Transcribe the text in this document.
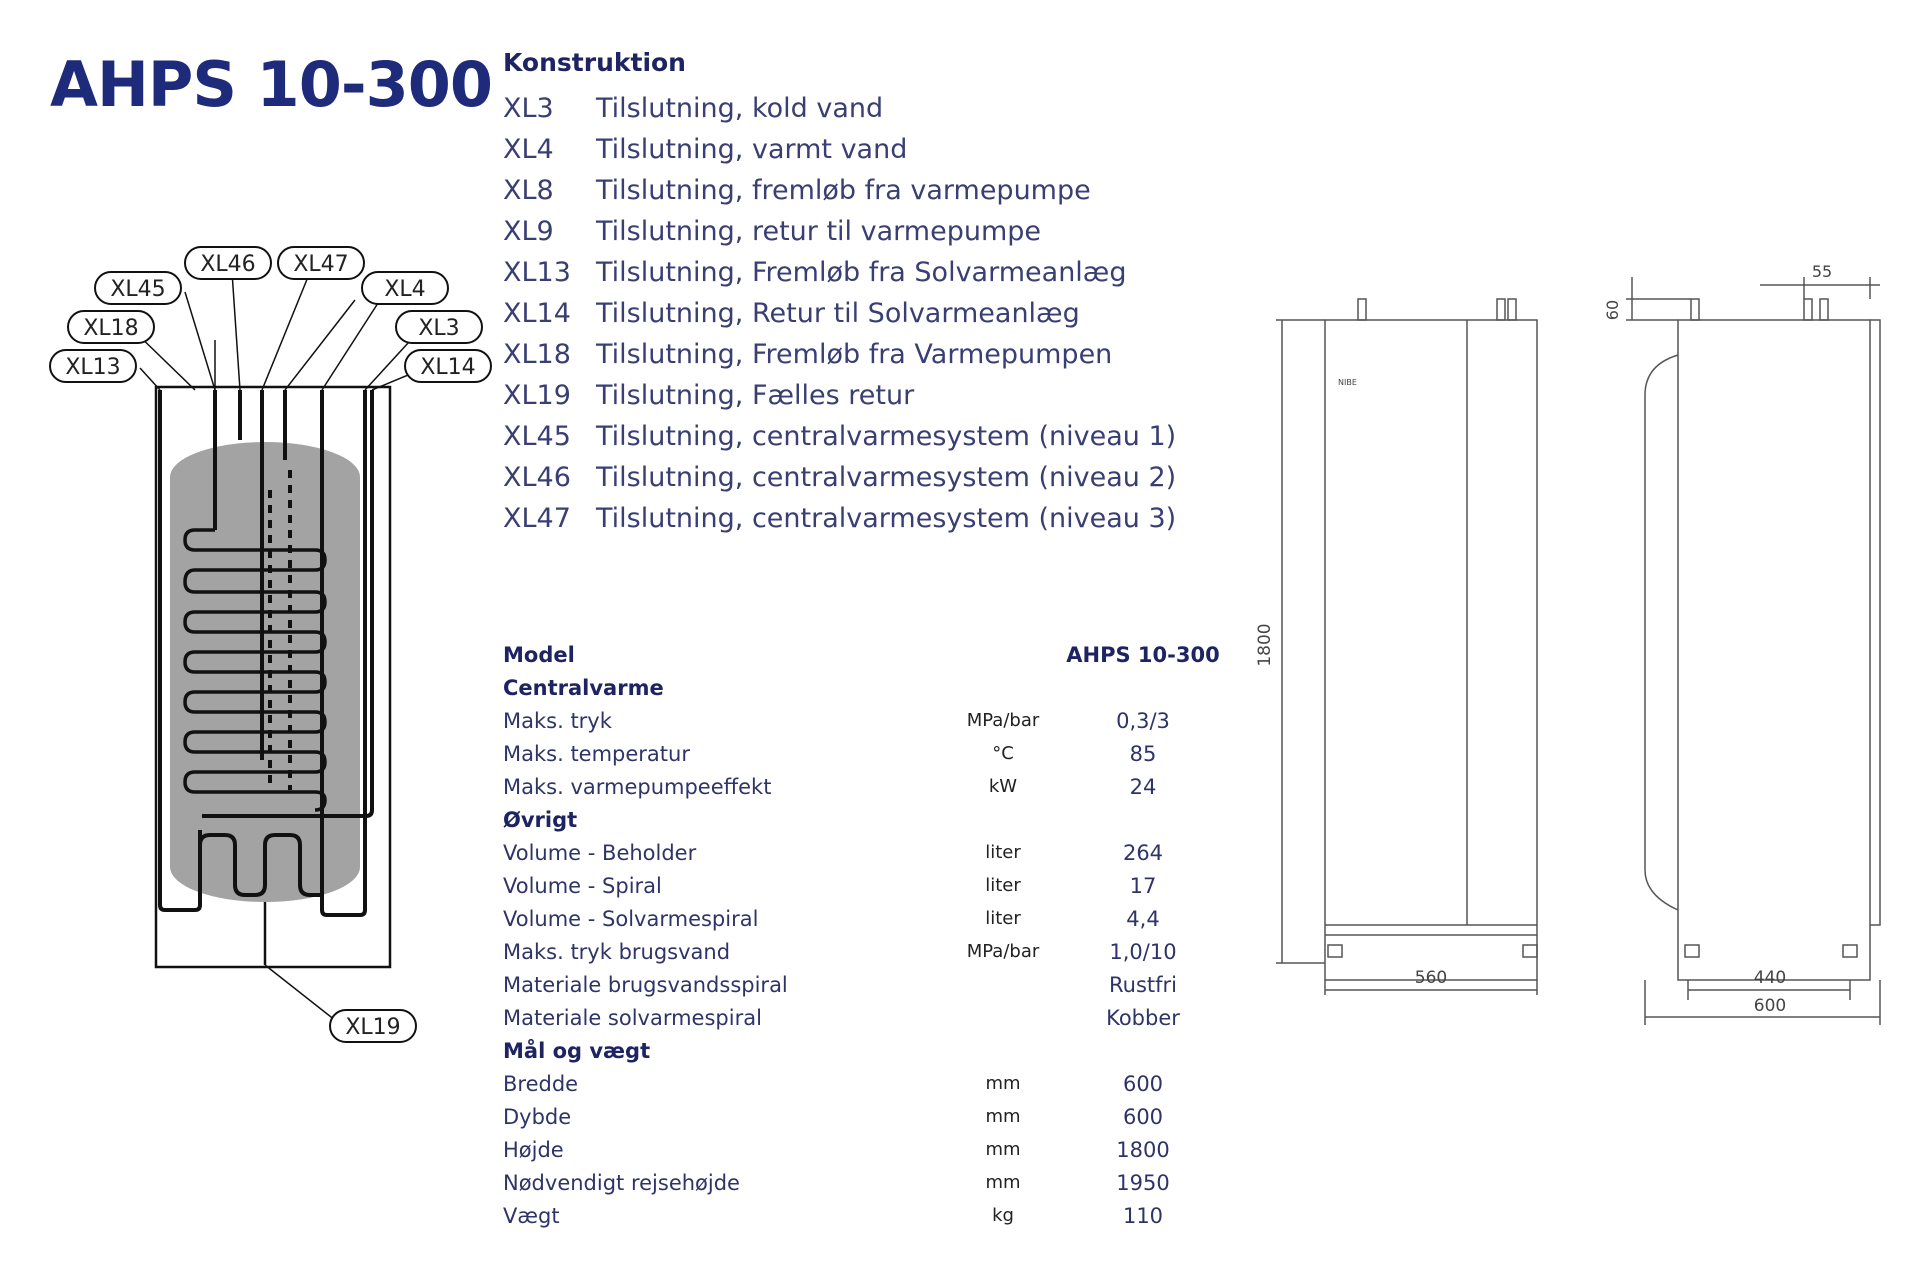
AHPS 10-300 Konstruktion
XL3	Tilslutning, kold vand
XL4	Tilslutning, varmt vand
XL8	Tilslutning, fremløb fra varmepumpe
XL9	Tilslutning, retur til varmepumpe
XL13 Tilslutning, Fremløb fra Solvarmeanlæg
XL14 Tilslutning, Retur til Solvarmeanlæg
XL18 Tilslutning, Fremløb fra Varmepumpen
XL19 Tilslutning, Fælles retur
XL45 Tilslutning, centralvarmesystem (niveau 1)
XL46 Tilslutning, centralvarmesystem (niveau 2)
XL47 Tilslutning, centralvarmesystem (niveau 3)
XL46 XL47
XL45	XL4
XL18	XL3
XL13	XL14
XL19
Model	AHPS 10-300
Centralvarme
Maks. tryk	MPa/bar	0,3/3
Maks. temperatur	°C	85
Maks. varmepumpeeffekt	kW	24
Øvrigt
Volume - Beholder	liter	264
Volume - Spiral	liter	17
Volume - Solvarmespiral	liter	4,4
Maks. tryk brugsvand	MPa/bar	1,0/10
Materiale brugsvandsspiral	Rustfri
Materiale solvarmespiral	Kobber
Mål og vægt
Bredde	mm	600
Dybde	mm	600
Højde	mm	1800
Nødvendigt rejsehøjde	mm	1950
Vægt	kg	110
NIBE
1800
560
60
55
440
600
